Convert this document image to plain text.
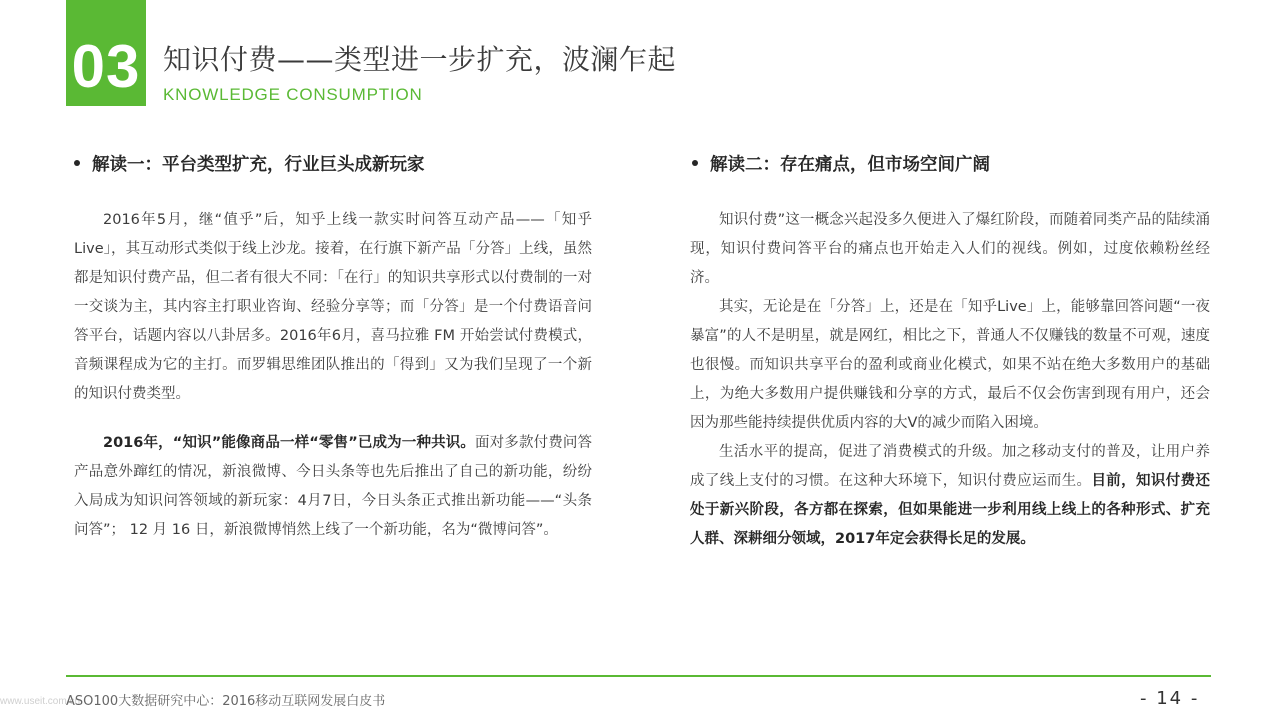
03 知识付费——类型进一步扩充，波澜乍起
KNOWLEDGE CONSUMPTION
解读一：平台类型扩充，行业巨头成新玩家

2016年5月，继“值乎”后，知乎上线一款实时问答互动产品——「知乎Live」，其互动形式类似于线上沙龙。接着，在行旗下新产品「分答」上线，虽然都是知识付费产品，但二者有很大不同：「在行」的知识共享形式以付费制的一对一交谈为主，其内容主打职业咨询、经验分享等；而「分答」是一个付费语音问答平台，话题内容以八卦居多。2016年6月，喜马拉雅 FM 开始尝试付费模式，音频课程成为它的主打。而罗辑思维团队推出的「得到」又为我们呈现了一个新的知识付费类型。

2016年，“知识”能像商品一样“零售”已成为一种共识。面对多款付费问答产品意外蹿红的情况，新浪微博、今日头条等也先后推出了自己的新功能，纷纷入局成为知识问答领域的新玩家：4月7日，今日头条正式推出新功能——“头条问答”； 12 月 16 日，新浪微博悄然上线了一个新功能，名为“微博问答”。

解读二：存在痛点，但市场空间广阔

知识付费”这一概念兴起没多久便进入了爆红阶段，而随着同类产品的陆续涌现，知识付费问答平台的痛点也开始走入人们的视线。例如，过度依赖粉丝经济。

其实，无论是在「分答」上，还是在「知乎Live」上，能够靠回答问题“一夜暴富”的人不是明星，就是网红，相比之下，普通人不仅赚钱的数量不可观，速度也很慢。而知识共享平台的盈利或商业化模式，如果不站在绝大多数用户的基础上，为绝大多数用户提供赚钱和分享的方式，最后不仅会伤害到现有用户，还会因为那些能持续提供优质内容的大V的减少而陷入困境。

生活水平的提高，促进了消费模式的升级。加之移动支付的普及，让用户养成了线上支付的习惯。在这种大环境下，知识付费应运而生。目前，知识付费还处于新兴阶段，各方都在探索，但如果能进一步利用线上线上的各种形式、扩充人群、深耕细分领域，2017年定会获得长足的发展。

www.useit.com.cn
ASO100大数据研究中心：2016移动互联网发展白皮书	- 14 -
